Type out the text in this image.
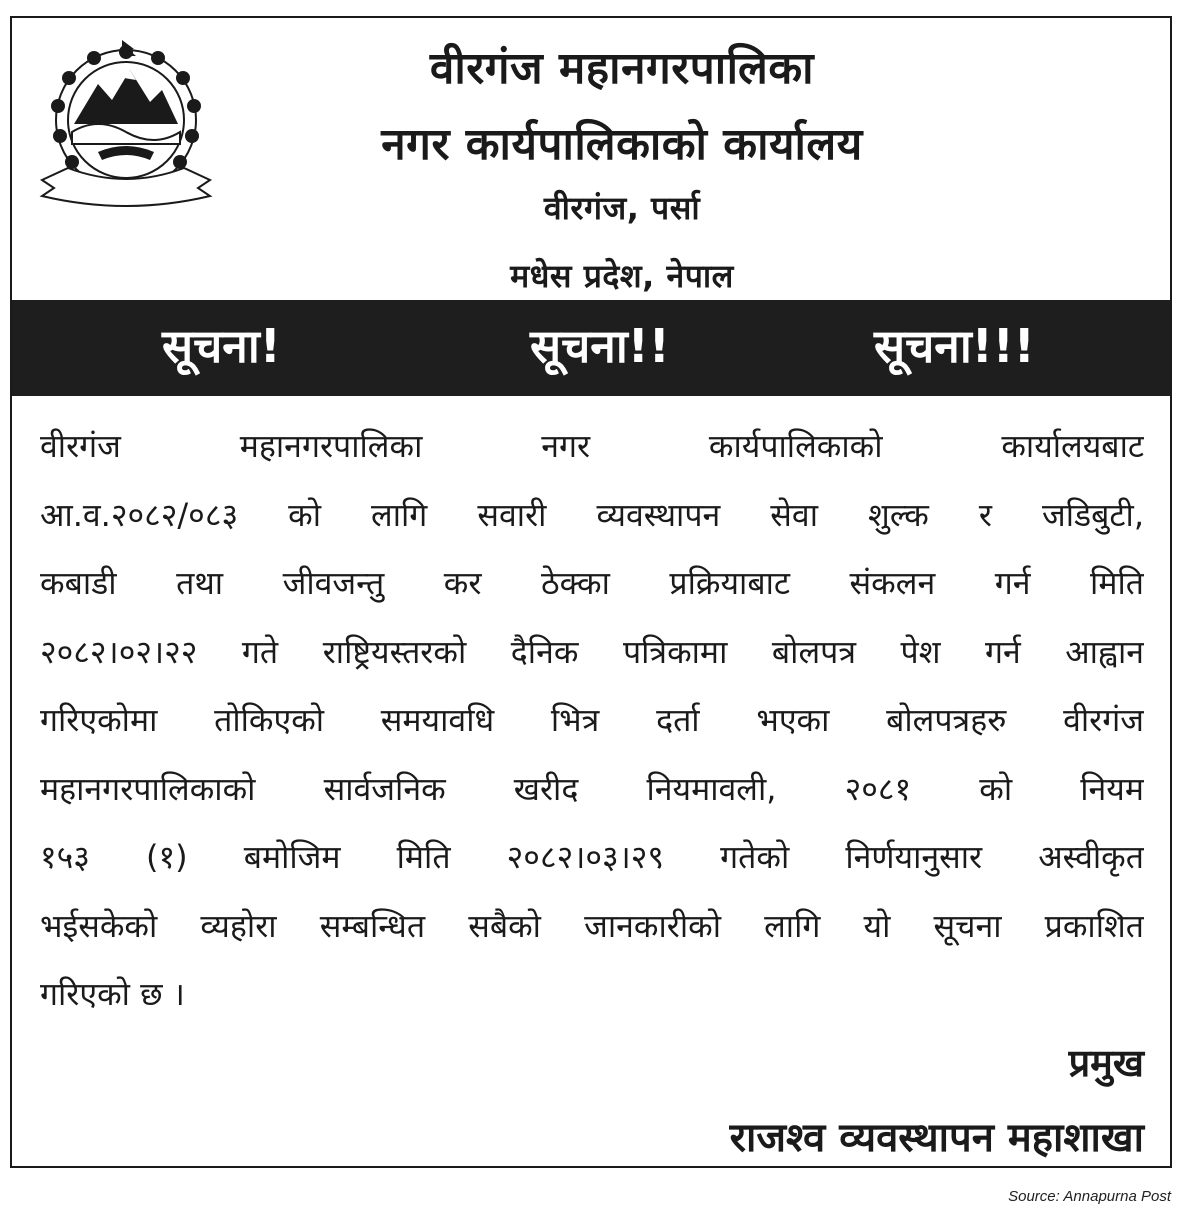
वीरगंज महानगरपालिका
नगर कार्यपालिकाको कार्यालय
वीरगंज, पर्सा
मधेस प्रदेश, नेपाल
सूचना!	सूचना!!	सूचना!!!
वीरगंज महानगरपालिका नगर कार्यपालिकाको कार्यालयबाट
आ.व.२०८२/०८३ को लागि सवारी व्यवस्थापन सेवा शुल्क र जडिबुटी,
कबाडी तथा जीवजन्तु कर ठेक्का प्रक्रियाबाट संकलन गर्न मिति
२०८२।०२।२२ गते राष्ट्रियस्तरको दैनिक पत्रिकामा बोलपत्र पेश गर्न आह्वान
गरिएकोमा तोकिएको समयावधि भित्र दर्ता भएका बोलपत्रहरु वीरगंज
महानगरपालिकाको सार्वजनिक खरीद नियमावली, २०८१ को नियम
१५३ (१) बमोजिम मिति २०८२।०३।२९ गतेको निर्णयानुसार अस्वीकृत
भईसकेको व्यहोरा सम्बन्धित सबैको जानकारीको लागि यो सूचना प्रकाशित
गरिएको छ ।
प्रमुख
राजश्व व्यवस्थापन महाशाखा
Source: Annapurna Post
